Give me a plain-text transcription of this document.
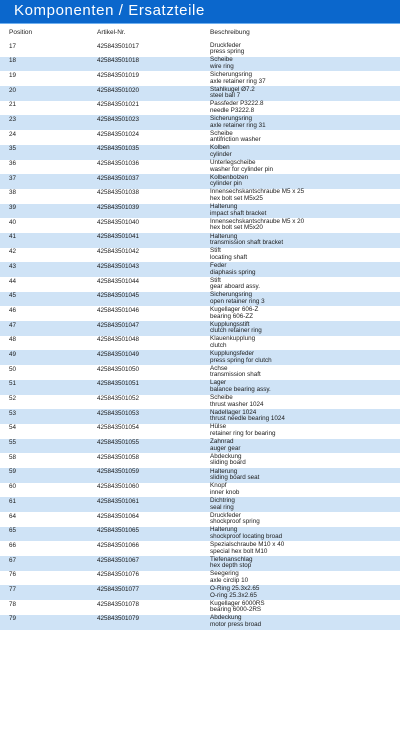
Komponenten / Ersatzteile
Position	Artikel-Nr.	Beschreibung
17	425843501017	Druckfeder
press spring
18	425843501018	Scheibe
wire ring
19	425843501019	Sicherungsring
axle retainer ring 37
20	425843501020	Stahlkugel Ø7.2
steel ball 7
21	425843501021	Passfeder P3222.8
needle P3222.8
23	425843501023	Sicherungsring
axle retainer ring 31
24	425843501024	Scheibe
antifriction washer
35	425843501035	Kolben
cylinder
36	425843501036	Unterlegscheibe
washer for cylinder pin
37	425843501037	Kolbenbolzen
cylinder pin
38	425843501038	Innensechskantschraube M5 x 25
hex bolt set M5x25
39	425843501039	Halterung
impact shaft bracket
40	425843501040	Innensechskantschraube M5 x 20
hex bolt set M5x20
41	425843501041	Halterung
transmission shaft bracket
42	425843501042	Stift
locating shaft
43	425843501043	Feder
diaphasis spring
44	425843501044	Stift
gear aboard assy.
45	425843501045	Sicherungsring
open retainer ring 3
46	425843501046	Kugellager 606-Z
bearing 606-ZZ
47	425843501047	Kupplungsstift
clutch retainer ring
48	425843501048	Klauenkupplung
clutch
49	425843501049	Kupplungsfeder
press spring for clutch
50	425843501050	Achse
transmission shaft
51	425843501051	Lager
balance bearing assy.
52	425843501052	Scheibe
thrust washer 1024
53	425843501053	Nadellager 1024
thrust needle bearing 1024
54	425843501054	Hülse
retainer ring for bearing
55	425843501055	Zahnrad
auger gear
58	425843501058	Abdeckung
sliding board
59	425843501059	Halterung
sliding board seat
60	425843501060	Knopf
inner knob
61	425843501061	Dichtring
seal ring
64	425843501064	Druckfeder
shockproof spring
65	425843501065	Halterung
shockproof locating broad
66	425843501066	Spezialschraube M10 x 40
special hex bolt M10
67	425843501067	Tiefenanschlag
hex depth stop
76	425843501076	Seegering
axle circlip 10
77	425843501077	O-Ring 25.3x2.65
O-ring 25.3x2.65
78	425843501078	Kugellager 6000RS
bearing 6000-2RS
79	425843501079	Abdeckung
motor press broad
